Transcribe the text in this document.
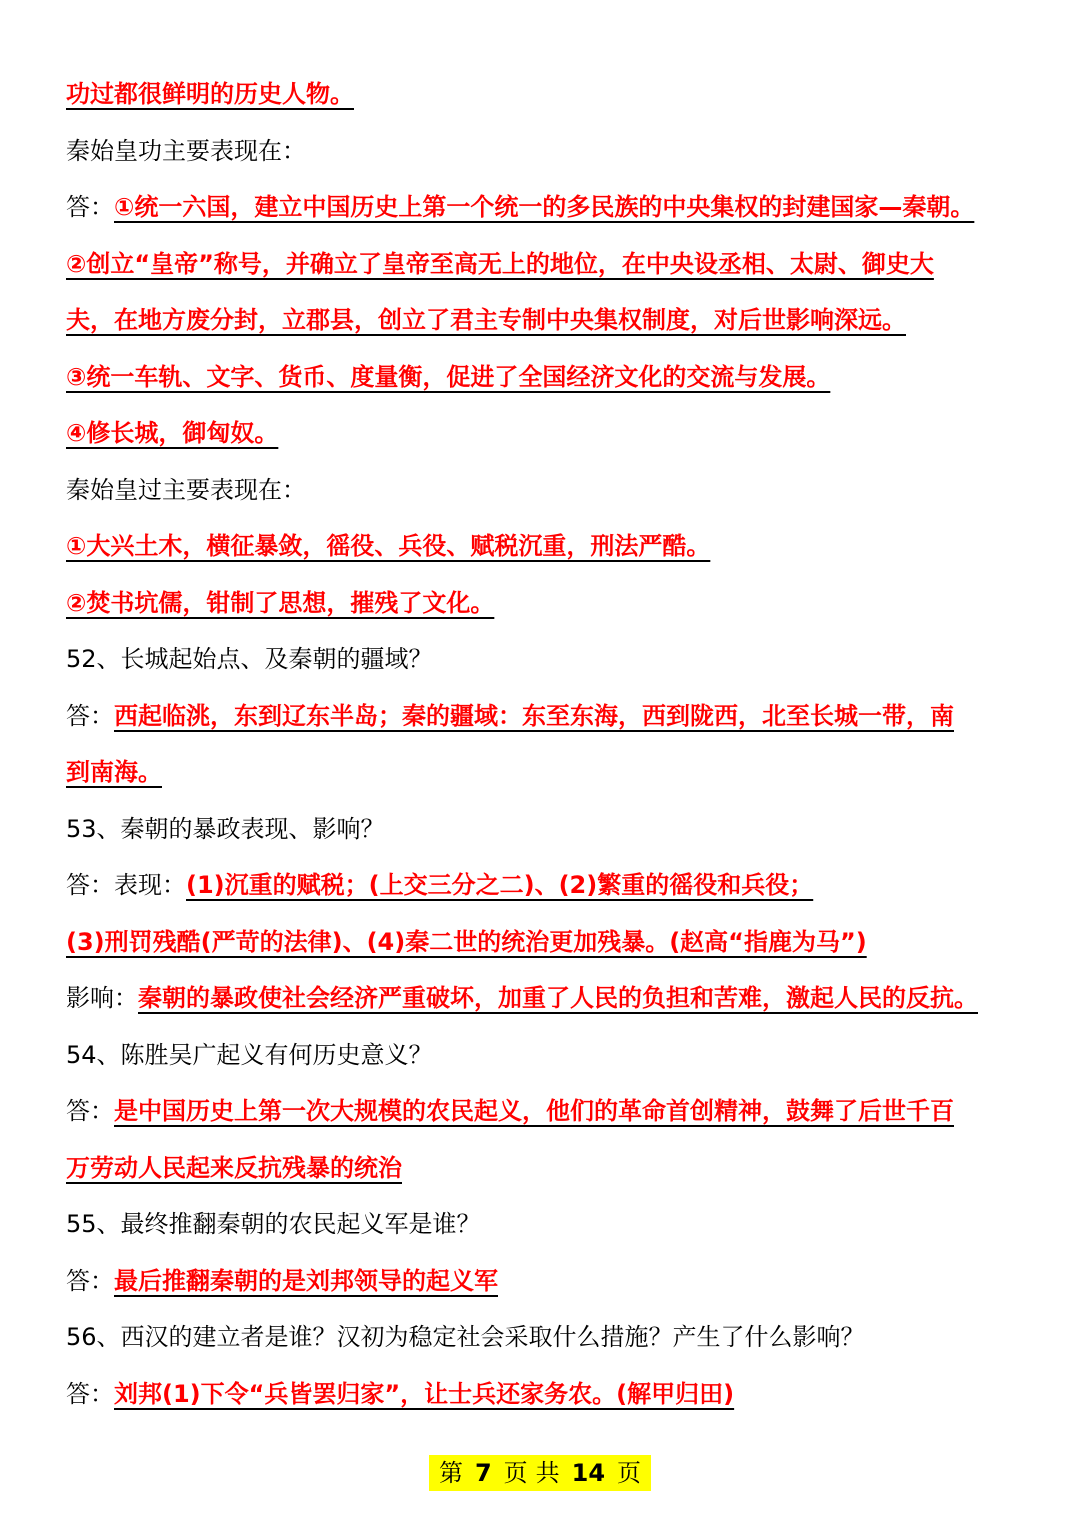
功过都很鲜明的历史人物。
秦始皇功主要表现在：
答：①统一六国，建立中国历史上第一个统一的多民族的中央集权的封建国家—秦朝。
②创立“皇帝”称号，并确立了皇帝至高无上的地位，在中央设丞相、太尉、御史大
夫，在地方废分封，立郡县，创立了君主专制中央集权制度，对后世影响深远。
③统一车轨、文字、货币、度量衡，促进了全国经济文化的交流与发展。
④修长城，御匈奴。
秦始皇过主要表现在：
①大兴土木，横征暴敛，徭役、兵役、赋税沉重，刑法严酷。
②焚书坑儒，钳制了思想，摧残了文化。
52、长城起始点、及秦朝的疆域？
答：西起临洮，东到辽东半岛；秦的疆域：东至东海，西到陇西，北至长城一带，南
到南海。
53、秦朝的暴政表现、影响？
答：表现：(1)沉重的赋税；(上交三分之二)、(2)繁重的徭役和兵役；
(3)刑罚残酷(严苛的法律)、(4)秦二世的统治更加残暴。(赵高“指鹿为马”)
影响：秦朝的暴政使社会经济严重破坏，加重了人民的负担和苦难，激起人民的反抗。
54、陈胜吴广起义有何历史意义？
答：是中国历史上第一次大规模的农民起义，他们的革命首创精神，鼓舞了后世千百
万劳动人民起来反抗残暴的统治
55、最终推翻秦朝的农民起义军是谁？
答：最后推翻秦朝的是刘邦领导的起义军
56、西汉的建立者是谁？汉初为稳定社会采取什么措施？产生了什么影响？
答：刘邦(1)下令“兵皆罢归家”，让士兵还家务农。(解甲归田)
第 7 页 共 14 页
